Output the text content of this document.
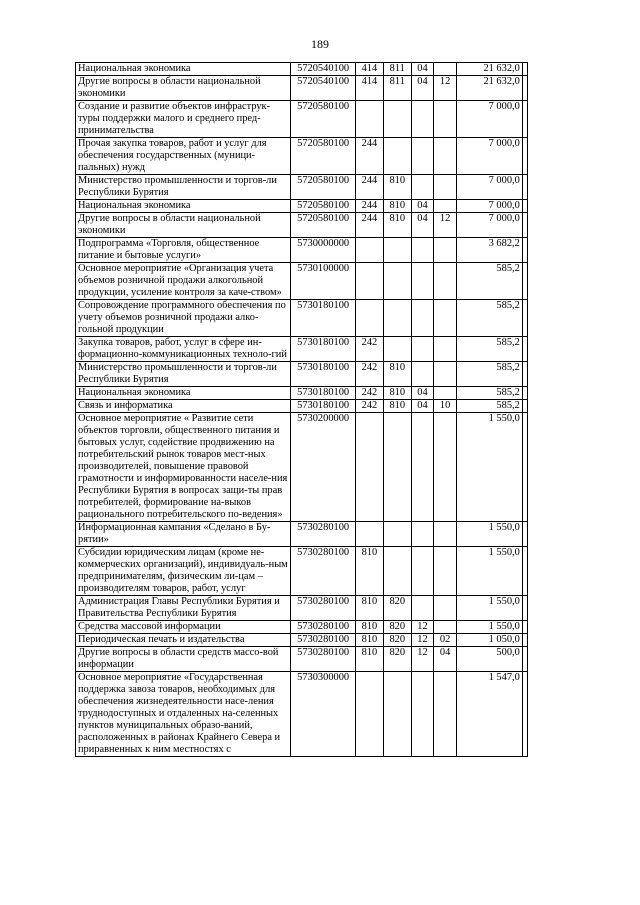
189
Национальная экономика	5720540100	414	811	04		21 632,0	
Другие вопросы в области национальной экономики	5720540100	414	811	04	12	21 632,0	
Создание и развитие объектов инфраструк-туры поддержки малого и среднего пред-принимательства	5720580100					7 000,0	
Прочая закупка товаров, работ и услуг для обеспечения государственных (муници-пальных) нужд	5720580100	244				7 000,0	
Министерство промышленности и торгов-ли Республики Бурятия	5720580100	244	810			7 000,0	
Национальная экономика	5720580100	244	810	04		7 000,0	
Другие вопросы в области национальной экономики	5720580100	244	810	04	12	7 000,0	
Подпрограмма «Торговля, общественное питание и бытовые услуги»	5730000000					3 682,2	
Основное мероприятие «Организация учета объемов розничной продажи алкогольной продукции, усиление контроля за каче-ством»	5730100000					585,2	
Сопровождение программного обеспечения по учету объемов розничной продажи алко-гольной продукции	5730180100					585,2	
Закупка товаров, работ, услуг в сфере ин-формационно-коммуникационных техноло-гий	5730180100	242				585,2	
Министерство промышленности и торгов-ли Республики Бурятия	5730180100	242	810			585,2	
Национальная экономика	5730180100	242	810	04		585,2	
Связь и информатика	5730180100	242	810	04	10	585,2	
Основное мероприятие « Развитие сети объектов торговли, общественного питания и бытовых услуг, содействие продвижению на потребительский рынок товаров мест-ных производителей, повышение правовой грамотности и информированности населе-ния Республики Бурятия в вопросах защи-ты прав потребителей, формирование на-выков рационального потребительского по-ведения»	5730200000					1 550,0	
Информационная кампания «Сделано в Бу-рятии»	5730280100					1 550,0	
Субсидии юридическим лицам (кроме не-коммерческих организаций), индивидуаль-ным предпринимателям, физическим ли-цам – производителям товаров, работ, услуг	5730280100	810				1 550,0	
Администрация Главы Республики Бурятия и Правительства Республики Бурятия	5730280100	810	820			1 550,0	
Средства массовой информации	5730280100	810	820	12		1 550,0	
Периодическая печать и издательства	5730280100	810	820	12	02	1 050,0	
Другие вопросы в области средств массо-вой информации	5730280100	810	820	12	04	500,0	
Основное мероприятие «Государственная поддержка завоза товаров, необходимых для обеспечения жизнедеятельности насе-ления труднодоступных и отдаленных на-селенных пунктов муниципальных образо-ваний, расположенных в районах Крайнего Севера и приравненных к ним местностях с	5730300000					1 547,0	
